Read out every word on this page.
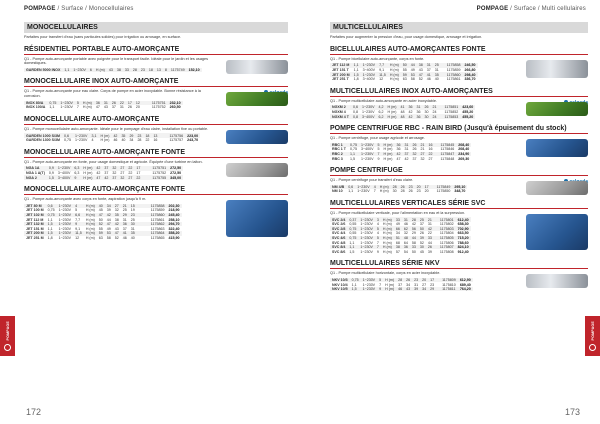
POMPAGE / Surface / Monocellulaires
MONOCELLULAIRES
Parfaites pour transfert d'eau (sans particules solides) pour irrigation ou arrosage, en surface.
RÉSIDENTIEL PORTABLE AUTO-AMORÇANTE
Q1 - Pompe auto-amorçante portable avec poignée pour le transport facile. Idéale pour le jardin et les usages domestiques.
GARDEN 5000 INOX	1,1	1~230V	6	H (m)	43	38	33	28	23	18	13	8	1175749	152,10
MONOCELLULAIRE INOX AUTO-AMORÇANTE
Q1 - Pompe auto-amorçante pour eau claire. Corps de pompe en acier inoxydable. Bonne résistance à la corrosion.
INOX 80/A	0,75	1~230V	5	H (m)	36	31	26	22	17	12			1175751	232,10
INOX 100/A	1,1	1~230V	7	H (m)	47	43	37	31	26	20			1175752	260,50
MONOCELLULAIRE AUTO-AMORÇANTE
Q1 - Pompe monocellulaire auto-amorçante. Idéale pour le pompage d'eau claire, installation fixe ou portable.
GARDEN 1000 S/3M	0,6	1~230V	3,1	H (m)	42	35	29	23	18	13			1175756	223,00
GARDEN 1300 S/3M	0,75	1~230V	4	H (m)	46	40	34	28	22	16			1175757	243,70
MONOCELLULAIRE AUTO-AMORÇANTE FONTE
Q1 - Pompe auto-amorçante en fonte, pour usage domestique et agricole. Équipée d'une turbine en laiton.
NGA 1A	0,9	1~230V	6,3	H (m)	42	37	32	27	22	17			1175751	272,50
NGA 1 A(T)	0,9	3~400V	6,3	H (m)	42	37	32	27	22	17			1175752	272,50
NGA 2	1,5	3~400V	9	H (m)	47	42	37	32	27	22			1175755	345,00
MONOCELLULAIRE AUTO-AMORÇANTE FONTE
Q1 - Pompe auto-amorçante avec corps en fonte, aspiration jusqu'à 9 m.
JET 80 M	0,6	1~230V	4	H (m)	40	34	27	21	15				1175858	202,30
JET 100 M	0,75	1~230V	5	H (m)	45	39	32	25	19				1175859	218,90
JET 102 M	0,75	1~230V	6,6	H (m)	47	42	35	29	23				1175860	245,40
JET 112 M	1,1	1~230V	7,7	H (m)	50	44	38	31	25				1175861	258,10
JET 132 M	1,5	1~230V	9	H (m)	52	47	42	36	30				1175862	294,70
JET 151 M	1,1	1~230V	9,1	H (m)	55	49	43	37	31				1175863	322,40
JET 200 M	1,5	1~230V	11,5	H (m)	59	53	47	41	35				1175864	358,20
JET 251 M	1,8	1~230V	12	H (m)	63	58	52	46	40				1175865	415,90
POMPAGE
172
POMPAGE / Surface / Multi cellulaires
MULTICELLULAIRES
Parfaites pour augmenter la pression d'eau, pour usage domestique, arrosage et irrigation.
BICELLULAIRES AUTO-AMORÇANTES FONTE
Q1 - Pompe bicellulaire auto-amorçante, corps en fonte.
JET 112 M	1,1	1~230V	7,7	H (m)	50	44	38	31	25		1175858	246,50
JET 151 T	1,1	3~400V	9,1	H (m)	55	49	43	37	31		1175859	266,80
JET 200 M	1,5	1~230V	11,5	H (m)	59	53	47	41	35		1175860	298,40
JET 251 T	1,8	3~400V	12	H (m)	63	58	52	46	40		1175861	336,70
MULTICELLULAIRES INOX AUTO-AMORÇANTES
Q1 - Pompe multicellulaire auto-amorçante en acier inoxydable.
NGXM 2	0,6	1~230V	4,2	H (m)	41	36	31	26	21		1175851	423,60
NGXM 4	0,8	1~230V	6,2	H (m)	48	42	36	30	24		1175852	455,20
NGXM 4 T	0,8	3~400V	6,2	H (m)	48	42	36	30	24		1175853	455,20
POMPE CENTRIFUGE RBC - RAIN BIRD (Jusqu'à épuisement du stock)
Q1 - Pompe centrifuge, pour usage agricole et arrosage.
RBC 1	0,75	1~230V	5	H (m)	36	31	26	21	16		1175845	208,40
RBC 1 T	0,75	3~400V	5	H (m)	36	31	26	21	16		1175846	208,40
RBC 2	1,1	1~230V	7	H (m)	42	37	32	27	22		1175847	234,90
RBC 3	1,5	1~230V	9	H (m)	47	42	37	32	27		1175848	269,30
POMPE CENTRIFUGE
Q1 - Pompe centrifuge pour transfert d'eau claire.
NM 4/B	0,6	1~230V	4	H (m)	28	26	23	20	17		1175849	295,10
NM 10	1,1	1~230V	7	H (m)	30	28	26	23	20		1175850	348,70
MULTICELLULAIRES VERTICALES SÉRIE SVC
Q1 - Pompe multicellulaire verticale, pour l'alimentation en eau et la surpression.
SVC 2/4	0,37	1~230V	3	H (m)	33	31	28	25	21		1175801	612,40
SVC 2/6	0,55	1~230V	4	H (m)	49	46	42	37	31		1175802	658,30
SVC 2/8	0,75	1~230V	5	H (m)	66	62	56	50	42		1175803	702,90
SVC 4/4	0,55	1~230V	4	H (m)	34	32	29	26	22		1175804	663,50
SVC 4/6	0,75	1~230V	5	H (m)	51	48	44	39	33		1175805	715,20
SVC 4/8	1,1	1~230V	7	H (m)	68	64	58	52	44		1175806	788,60
SVC 8/4	1,1	1~230V	7	H (m)	38	36	33	30	26		1175807	824,10
SVC 8/6	1,5	1~230V	9	H (m)	57	54	50	45	39		1175808	912,40
MULTICELLULAIRES SÉRIE NKV
Q1 - Pompe multicellulaire horizontale, corps en acier inoxydable.
NKV 10/3	0,75	1~230V	5	H (m)	28	26	23	20	17		1175809	612,90
NKV 10/4	1,1	1~230V	7	H (m)	37	34	31	27	23		1175810	689,40
NKV 10/5	1,5	1~230V	9	H (m)	46	43	39	34	29		1175811	764,20
POMPAGE
173
